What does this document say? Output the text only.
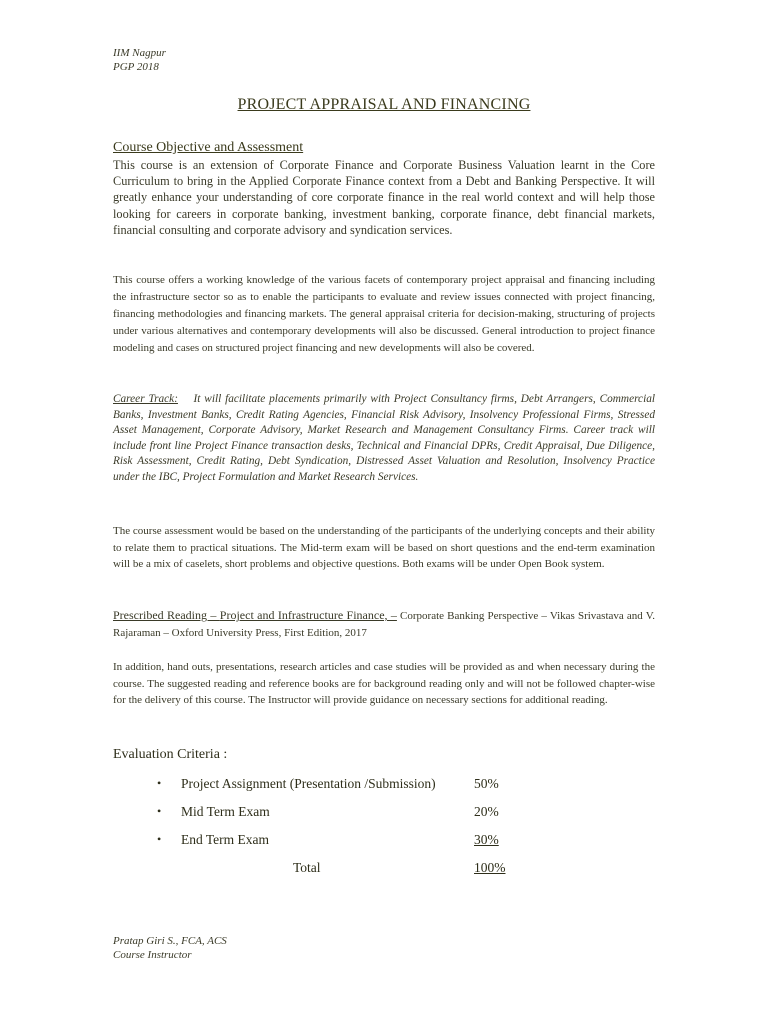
IIM Nagpur
PGP 2018
PROJECT APPRAISAL AND FINANCING
Course Objective and Assessment
This course is an extension of Corporate Finance and Corporate Business Valuation learnt in the Core Curriculum to bring in the Applied Corporate Finance context from a Debt and Banking Perspective. It will greatly enhance your understanding of core corporate finance in the real world context and will help those looking for careers in corporate banking, investment banking, corporate finance, debt financial markets, financial consulting and corporate advisory and syndication services.
This course offers a working knowledge of the various facets of contemporary project appraisal and financing including the infrastructure sector so as to enable the participants to evaluate and review issues connected with project financing, financing methodologies and financing markets. The general appraisal criteria for decision-making, structuring of projects under various alternatives and contemporary developments will also be discussed. General introduction to project finance modeling and cases on structured project financing and new developments will also be covered.
Career Track: It will facilitate placements primarily with Project Consultancy firms, Debt Arrangers, Commercial Banks, Investment Banks, Credit Rating Agencies, Financial Risk Advisory, Insolvency Professional Firms, Stressed Asset Management, Corporate Advisory, Market Research and Management Consultancy Firms. Career track will include front line Project Finance transaction desks, Technical and Financial DPRs, Credit Appraisal, Due Diligence, Risk Assessment, Credit Rating, Debt Syndication, Distressed Asset Valuation and Resolution, Insolvency Practice under the IBC, Project Formulation and Market Research Services.
The course assessment would be based on the understanding of the participants of the underlying concepts and their ability to relate them to practical situations. The Mid-term exam will be based on short questions and the end-term examination will be a mix of caselets, short problems and objective questions. Both exams will be under Open Book system.
Prescribed Reading – Project and Infrastructure Finance, – Corporate Banking Perspective – Vikas Srivastava and V. Rajaraman – Oxford University Press, First Edition, 2017
In addition, hand outs, presentations, research articles and case studies will be provided as and when necessary during the course. The suggested reading and reference books are for background reading only and will not be followed chapter-wise for the delivery of this course. The Instructor will provide guidance on necessary sections for additional reading.
Evaluation Criteria :
• Project Assignment (Presentation /Submission)	50%
• Mid Term Exam	20%
• End Term Exam	30%
Total	100%
Pratap Giri S., FCA, ACS
Course Instructor
